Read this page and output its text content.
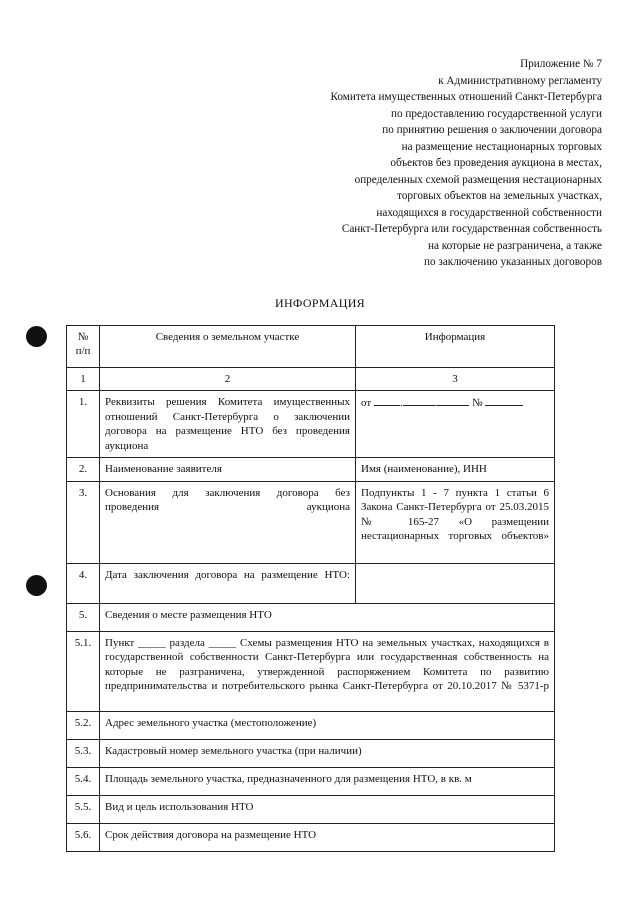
Приложение № 7
к Административному регламенту
Комитета имущественных отношений Санкт-Петербурга
по предоставлению государственной услуги
по принятию решения о заключении договора
на размещение нестационарных торговых
объектов без проведения аукциона в местах,
определенных схемой размещения нестационарных
торговых объектов на земельных участках,
находящихся в государственной собственности
Санкт-Петербурга или государственная собственность
на которые не разграничена, а также
по заключению указанных договоров
ИНФОРМАЦИЯ
№ п/п	Сведения о земельном участке	Информация
1	2	3
1.	Реквизиты решения Комитета имущественных отношений Санкт-Петербурга о заключении договора на размещение НТО без проведения аукциона	от . . №
2.	Наименование заявителя	Имя (наименование), ИНН
3.	Основания для заключения договора без проведения аукциона	Подпункты 1 - 7 пункта 1 статьи 6 Закона Санкт-Петербурга от 25.03.2015 № 165-27 «О размещении нестационарных торговых объектов»
4.	Дата заключения договора на размещение НТО:	
5.	Сведения о месте размещения НТО	
5.1.	Пункт _____ раздела _____ Схемы размещения НТО на земельных участках, находящихся в государственной собственности Санкт-Петербурга или государственная собственность на которые не разграничена, утвержденной распоряжением Комитета по развитию предпринимательства и потребительского рынка Санкт-Петербурга от 20.10.2017 № 5371-р	
5.2.	Адрес земельного участка (местоположение)	
5.3.	Кадастровый номер земельного участка (при наличии)	
5.4.	Площадь земельного участка, предназначенного для размещения НТО, в кв. м	
5.5.	Вид и цель использования НТО	
5.6.	Срок действия договора на размещение НТО	
